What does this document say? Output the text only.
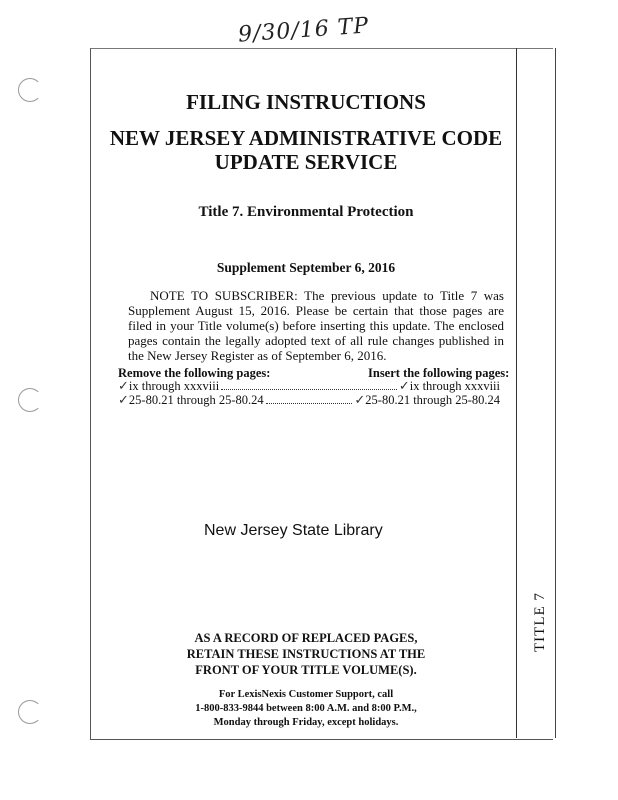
9/30/16 TP
TITLE 7
FILING INSTRUCTIONS
NEW JERSEY ADMINISTRATIVE CODE
UPDATE SERVICE
Title 7. Environmental Protection
Supplement September 6, 2016
NOTE TO SUBSCRIBER: The previous update to Title 7 was Supplement August 15, 2016. Please be certain that those pages are filed in your Title volume(s) before inserting this update. The enclosed pages contain the legally adopted text of all rule changes published in the New Jersey Register as of September 6, 2016.
Remove the following pages:	Insert the following pages:
✓ ix through xxxviii	✓ ix through xxxviii
✓ 25-80.21 through 25-80.24	✓ 25-80.21 through 25-80.24
New Jersey State Library
AS A RECORD OF REPLACED PAGES,
RETAIN THESE INSTRUCTIONS AT THE
FRONT OF YOUR TITLE VOLUME(S).
For LexisNexis Customer Support, call
1-800-833-9844 between 8:00 A.M. and 8:00 P.M.,
Monday through Friday, except holidays.
